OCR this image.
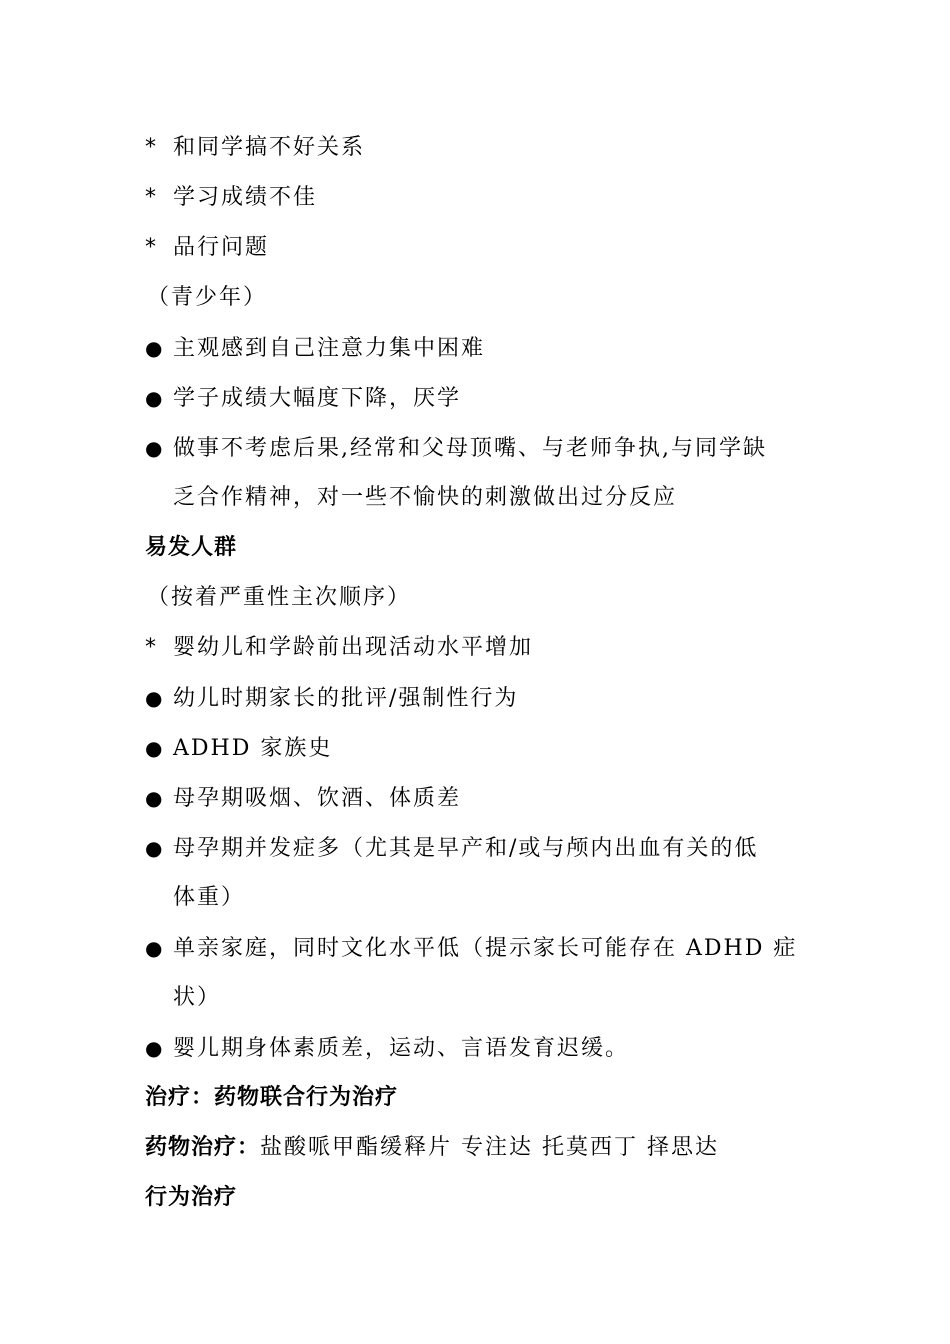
* 和同学搞不好关系
* 学习成绩不佳
* 品行问题
（青少年）
● 主观感到自己注意力集中困难
● 学子成绩大幅度下降，厌学
● 做事不考虑后果,经常和父母顶嘴、与老师争执,与同学缺
乏合作精神，对一些不愉快的刺激做出过分反应
易发人群
（按着严重性主次顺序）
* 婴幼儿和学龄前出现活动水平增加
● 幼儿时期家长的批评/强制性行为
● ADHD 家族史
● 母孕期吸烟、饮酒、体质差
● 母孕期并发症多（尤其是早产和/或与颅内出血有关的低
体重）
● 单亲家庭，同时文化水平低（提示家长可能存在 ADHD 症
状）
● 婴儿期身体素质差，运动、言语发育迟缓。
治疗：药物联合行为治疗
药物治疗：盐酸哌甲酯缓释片 专注达 托莫西丁 择思达
行为治疗
